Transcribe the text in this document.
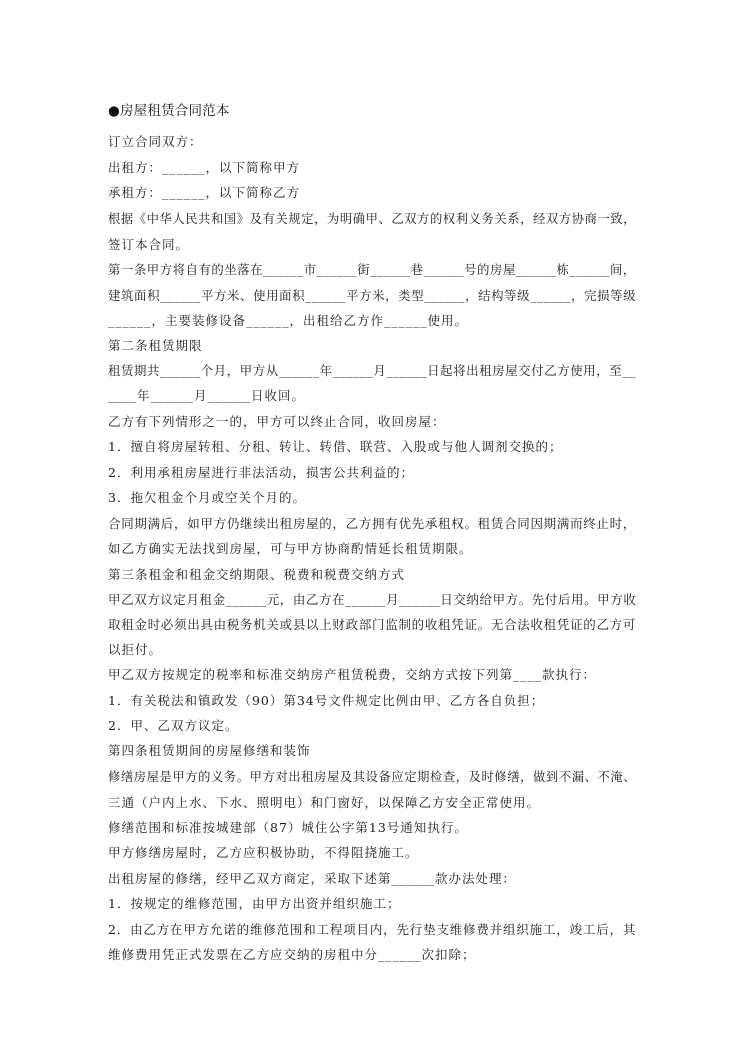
●房屋租赁合同范本
订立合同双方：
出租方：______，以下简称甲方
承租方：______，以下简称乙方
根据《中华人民共和国》及有关规定，为明确甲、乙双方的权利义务关系，经双方协商一致，
签订本合同。
第一条甲方将自有的坐落在______市______街______巷______号的房屋______栋______间，
建筑面积______平方米、使用面积______平方米，类型______，结构等级______，完损等级
______，主要装修设备______，出租给乙方作______使用。
第二条租赁期限
租赁期共______个月，甲方从______年______月______日起将出租房屋交付乙方使用，至__
____年______月______日收回。
乙方有下列情形之一的，甲方可以终止合同，收回房屋：
1．擅自将房屋转租、分租、转让、转借、联营、入股或与他人调剂交换的；
2．利用承租房屋进行非法活动，损害公共利益的；
3．拖欠租金个月或空关个月的。
合同期满后，如甲方仍继续出租房屋的，乙方拥有优先承租权。租赁合同因期满而终止时，
如乙方确实无法找到房屋，可与甲方协商酌情延长租赁期限。
第三条租金和租金交纳期限、税费和税费交纳方式
甲乙双方议定月租金______元，由乙方在______月______日交纳给甲方。先付后用。甲方收
取租金时必须出具由税务机关或县以上财政部门监制的收租凭证。无合法收租凭证的乙方可
以拒付。
甲乙双方按规定的税率和标准交纳房产租赁税费，交纳方式按下列第____款执行：
1．有关税法和镇政发（90）第34号文件规定比例由甲、乙方各自负担；
2．甲、乙双方议定。
第四条租赁期间的房屋修缮和装饰
修缮房屋是甲方的义务。甲方对出租房屋及其设备应定期检查，及时修缮，做到不漏、不淹、
三通（户内上水、下水、照明电）和门窗好，以保障乙方安全正常使用。
修缮范围和标准按城建部（87）城住公字第13号通知执行。
甲方修缮房屋时，乙方应积极协助，不得阻挠施工。
出租房屋的修缮，经甲乙双方商定，采取下述第______款办法处理：
1．按规定的维修范围，由甲方出资并组织施工；
2．由乙方在甲方允诺的维修范围和工程项目内，先行垫支维修费并组织施工，竣工后，其
维修费用凭正式发票在乙方应交纳的房租中分______次扣除；
